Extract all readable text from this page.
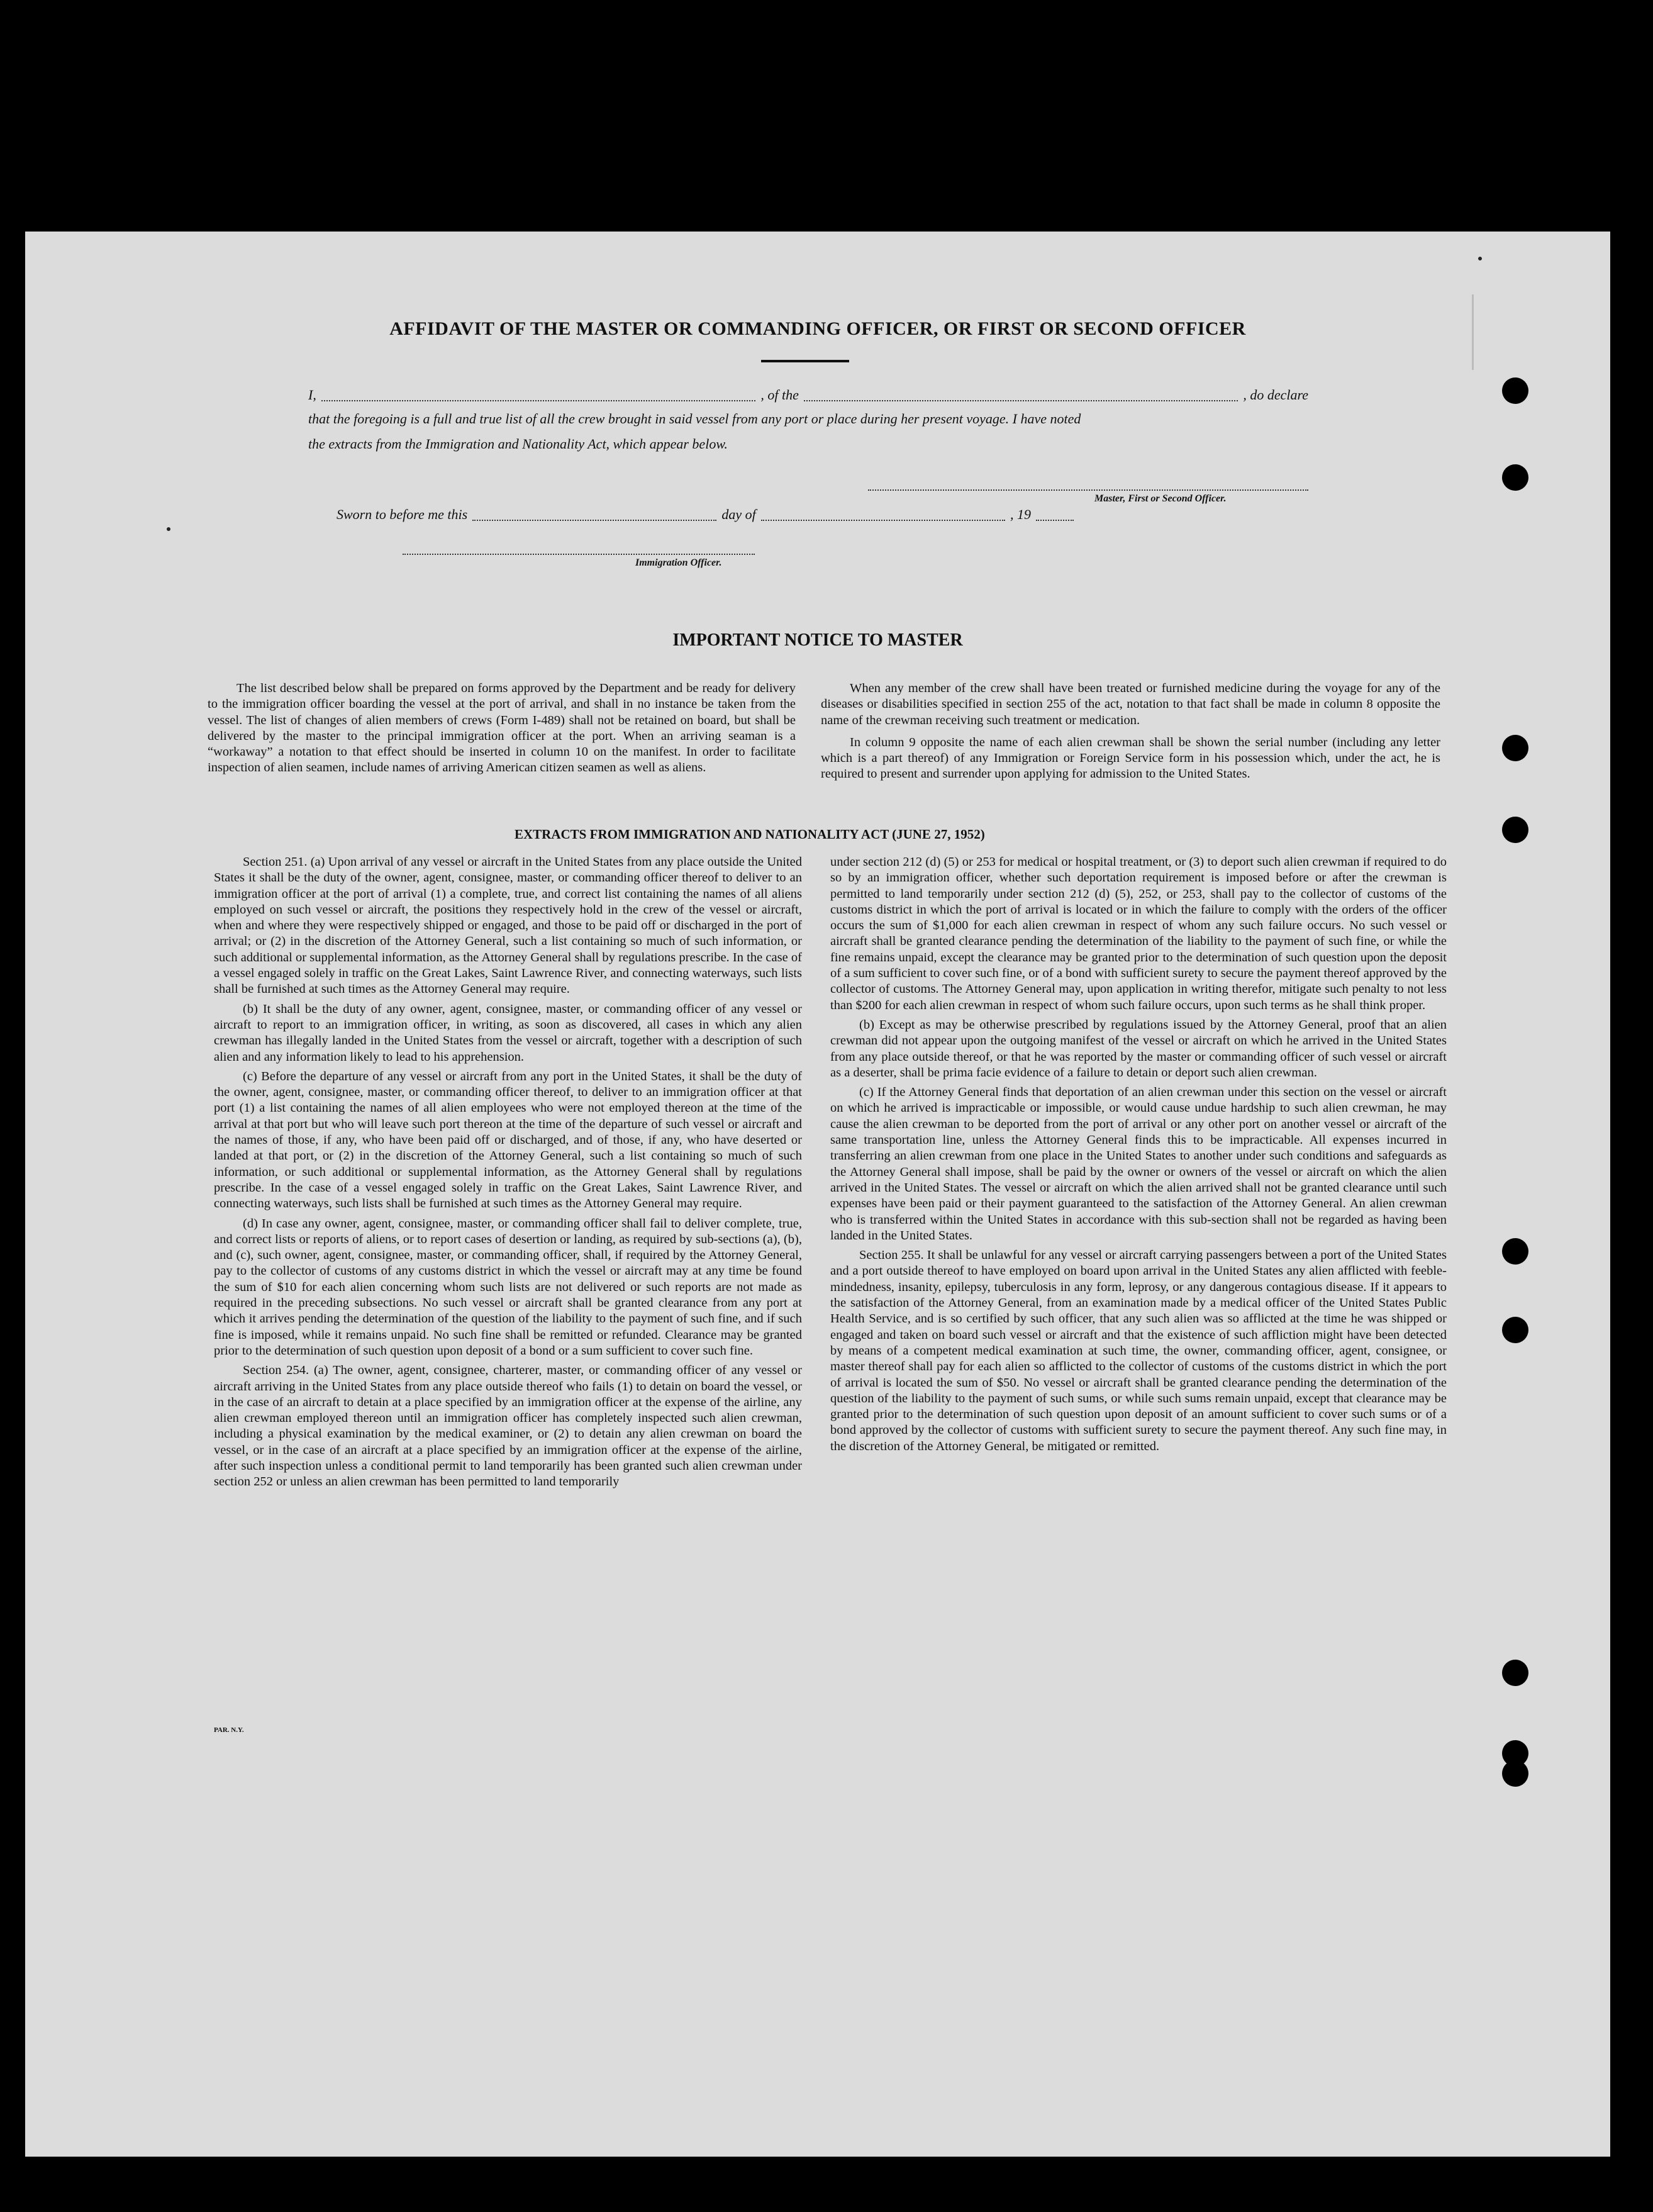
AFFIDAVIT OF THE MASTER OR COMMANDING OFFICER, OR FIRST OR SECOND OFFICER
I,	, of the	, do declare
that the foregoing is a full and true list of all the crew brought in said vessel from any port or place during her present voyage. I have noted
the extracts from the Immigration and Nationality Act, which appear below.
Master, First or Second Officer.
Sworn to before me this	day of	, 19
Immigration Officer.
IMPORTANT NOTICE TO MASTER

The list described below shall be prepared on forms approved by the Department and be ready for delivery to the immigration officer boarding the vessel at the port of arrival, and shall in no instance be taken from the vessel. The list of changes of alien members of crews (Form I-489) shall not be retained on board, but shall be delivered by the master to the principal immigration officer at the port. When an arriving seaman is a “workaway” a notation to that effect should be inserted in column 10 on the manifest. In order to facilitate inspection of alien seamen, include names of arriving American citizen seamen as well as aliens.

When any member of the crew shall have been treated or furnished medicine during the voyage for any of the diseases or disabilities specified in section 255 of the act, notation to that fact shall be made in column 8 opposite the name of the crewman receiving such treatment or medication.

In column 9 opposite the name of each alien crewman shall be shown the serial number (including any letter which is a part thereof) of any Immigration or Foreign Service form in his possession which, under the act, he is required to present and surrender upon applying for admission to the United States.

EXTRACTS FROM IMMIGRATION AND NATIONALITY ACT (JUNE 27, 1952)

Section 251. (a) Upon arrival of any vessel or aircraft in the United States from any place outside the United States it shall be the duty of the owner, agent, consignee, master, or commanding officer thereof to deliver to an immigration officer at the port of arrival (1) a complete, true, and correct list containing the names of all aliens employed on such vessel or aircraft, the positions they respectively hold in the crew of the vessel or aircraft, when and where they were respectively shipped or engaged, and those to be paid off or discharged in the port of arrival; or (2) in the discretion of the Attorney General, such a list containing so much of such information, or such additional or supplemental information, as the Attorney General shall by regulations prescribe. In the case of a vessel engaged solely in traffic on the Great Lakes, Saint Lawrence River, and connecting waterways, such lists shall be furnished at such times as the Attorney General may require.

(b) It shall be the duty of any owner, agent, consignee, master, or commanding officer of any vessel or aircraft to report to an immigration officer, in writing, as soon as discovered, all cases in which any alien crewman has illegally landed in the United States from the vessel or aircraft, together with a description of such alien and any information likely to lead to his apprehension.

(c) Before the departure of any vessel or aircraft from any port in the United States, it shall be the duty of the owner, agent, consignee, master, or commanding officer thereof, to deliver to an immigration officer at that port (1) a list containing the names of all alien employees who were not employed thereon at the time of the arrival at that port but who will leave such port thereon at the time of the departure of such vessel or aircraft and the names of those, if any, who have been paid off or discharged, and of those, if any, who have deserted or landed at that port, or (2) in the discretion of the Attorney General, such a list containing so much of such information, or such additional or supplemental information, as the Attorney General shall by regulations prescribe. In the case of a vessel engaged solely in traffic on the Great Lakes, Saint Lawrence River, and connecting waterways, such lists shall be furnished at such times as the Attorney General may require.

(d) In case any owner, agent, consignee, master, or commanding officer shall fail to deliver complete, true, and correct lists or reports of aliens, or to report cases of desertion or landing, as required by sub-sections (a), (b), and (c), such owner, agent, consignee, master, or commanding officer, shall, if required by the Attorney General, pay to the collector of customs of any customs district in which the vessel or aircraft may at any time be found the sum of $10 for each alien concerning whom such lists are not delivered or such reports are not made as required in the preceding subsections. No such vessel or aircraft shall be granted clearance from any port at which it arrives pending the determination of the question of the liability to the payment of such fine, and if such fine is imposed, while it remains unpaid. No such fine shall be remitted or refunded. Clearance may be granted prior to the determination of such question upon deposit of a bond or a sum sufficient to cover such fine.

Section 254. (a) The owner, agent, consignee, charterer, master, or commanding officer of any vessel or aircraft arriving in the United States from any place outside thereof who fails (1) to detain on board the vessel, or in the case of an aircraft to detain at a place specified by an immigration officer at the expense of the airline, any alien crewman employed thereon until an immigration officer has completely inspected such alien crewman, including a physical examination by the medical examiner, or (2) to detain any alien crewman on board the vessel, or in the case of an aircraft at a place specified by an immigration officer at the expense of the airline, after such inspection unless a conditional permit to land temporarily has been granted such alien crewman under section 252 or unless an alien crewman has been permitted to land temporarily

under section 212 (d) (5) or 253 for medical or hospital treatment, or (3) to deport such alien crewman if required to do so by an immigration officer, whether such deportation requirement is imposed before or after the crewman is permitted to land temporarily under section 212 (d) (5), 252, or 253, shall pay to the collector of customs of the customs district in which the port of arrival is located or in which the failure to comply with the orders of the officer occurs the sum of $1,000 for each alien crewman in respect of whom any such failure occurs. No such vessel or aircraft shall be granted clearance pending the determination of the liability to the payment of such fine, or while the fine remains unpaid, except the clearance may be granted prior to the determination of such question upon the deposit of a sum sufficient to cover such fine, or of a bond with sufficient surety to secure the payment thereof approved by the collector of customs. The Attorney General may, upon application in writing therefor, mitigate such penalty to not less than $200 for each alien crewman in respect of whom such failure occurs, upon such terms as he shall think proper.

(b) Except as may be otherwise prescribed by regulations issued by the Attorney General, proof that an alien crewman did not appear upon the outgoing manifest of the vessel or aircraft on which he arrived in the United States from any place outside thereof, or that he was reported by the master or commanding officer of such vessel or aircraft as a deserter, shall be prima facie evidence of a failure to detain or deport such alien crewman.

(c) If the Attorney General finds that deportation of an alien crewman under this section on the vessel or aircraft on which he arrived is impracticable or impossible, or would cause undue hardship to such alien crewman, he may cause the alien crewman to be deported from the port of arrival or any other port on another vessel or aircraft of the same transportation line, unless the Attorney General finds this to be impracticable. All expenses incurred in transferring an alien crewman from one place in the United States to another under such conditions and safeguards as the Attorney General shall impose, shall be paid by the owner or owners of the vessel or aircraft on which the alien arrived in the United States. The vessel or aircraft on which the alien arrived shall not be granted clearance until such expenses have been paid or their payment guaranteed to the satisfaction of the Attorney General. An alien crewman who is transferred within the United States in accordance with this sub-section shall not be regarded as having been landed in the United States.

Section 255. It shall be unlawful for any vessel or aircraft carrying passengers between a port of the United States and a port outside thereof to have employed on board upon arrival in the United States any alien afflicted with feeble-mindedness, insanity, epilepsy, tuberculosis in any form, leprosy, or any dangerous contagious disease. If it appears to the satisfaction of the Attorney General, from an examination made by a medical officer of the United States Public Health Service, and is so certified by such officer, that any such alien was so afflicted at the time he was shipped or engaged and taken on board such vessel or aircraft and that the existence of such affliction might have been detected by means of a competent medical examination at such time, the owner, commanding officer, agent, consignee, or master thereof shall pay for each alien so afflicted to the collector of customs of the customs district in which the port of arrival is located the sum of $50. No vessel or aircraft shall be granted clearance pending the determination of the question of the liability to the payment of such sums, or while such sums remain unpaid, except that clearance may be granted prior to the determination of such question upon deposit of an amount sufficient to cover such sums or of a bond approved by the collector of customs with sufficient surety to secure the payment thereof. Any such fine may, in the discretion of the Attorney General, be mitigated or remitted.

PAR. N.Y.
